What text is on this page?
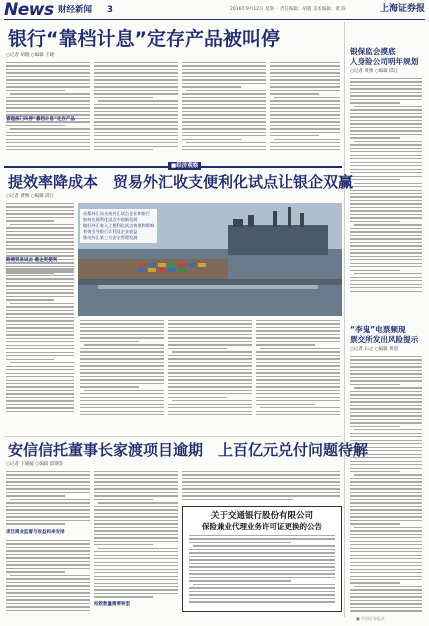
News 财经新闻 3	2016年9月12日 星期一 责任编辑：胡晓 美术编辑：黄 陈	上海证券报
银行“靠档计息”定存产品被叫停
○记者 胡晓 ○编辑 王晓
管理部门叫停“靠档计息”定存产品
银保监会摸底
人身险公司明年规划
○记者 黄蕾 ○编辑 邱江
■经济观察
提效率降成本　贸易外汇收支便利化试点让银企双赢
○记者 黄继 ○编辑 邱江
首都外汇局支持外汇试点企业和银行
如何在便利化试点中创新发展
做好外汇收入之便利化试点效果和影响
有效引导银行让利及企业收益
推动外汇第三方安全管理发展
跨境贸易试点 惠企更便利
“李鬼”电票频现
票交所发出风险提示
○记者 石之 ○编辑 黄晨
安信信托董事长家渡项目逾期　上百亿元兑付问题待解
○记者 王媛媛 ○编辑 邱钢等
项目商业监督与收益和来安排
抢救数量需要转型
关于交通银行股份有限公司
保险兼业代理业务许可证更换的公告
■ 中国证券报社
